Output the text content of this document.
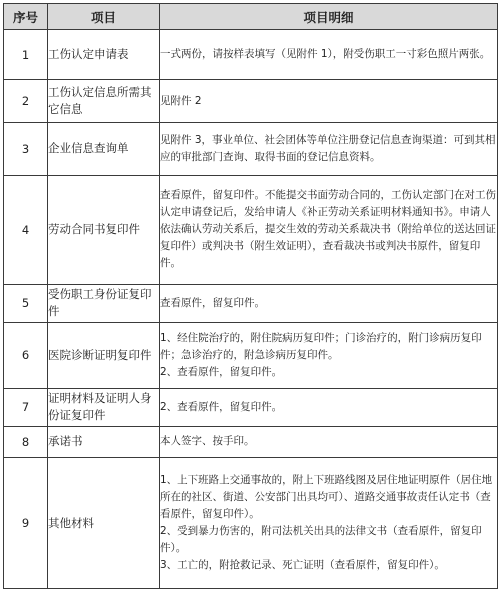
序号	项目	项目明细
1	工伤认定申请表	一式两份，请按样表填写（见附件 1），附受伤职工一寸彩色照片两张。

2	工伤认定信息所需其它信息	见附件 2

3	企业信息查询单	见附件 3，事业单位、社会团体等单位注册登记信息查询渠道：可到其相应的审批部门查询、取得书面的登记信息资料。

4	劳动合同书复印件	查看原件，留复印件。不能提交书面劳动合同的，工伤认定部门在对工伤认定申请登记后，发给申请人《补正劳动关系证明材料通知书》。申请人依法确认劳动关系后，提交生效的劳动关系裁决书（附给单位的送达回证复印件）或判决书（附生效证明），查看裁决书或判决书原件，留复印件。

5	受伤职工身份证复印件	查看原件，留复印件。

6	医院诊断证明复印件	1、经住院治疗的，附住院病历复印件；门诊治疗的，附门诊病历复印件；急诊治疗的，附急诊病历复印件。

2、查看原件，留复印件。

7	证明材料及证明人身份证复印件	2、查看原件，留复印件。

8	承诺书	本人签字、按手印。

9	其他材料	1、上下班路上交通事故的，附上下班路线图及居住地证明原件（居住地所在的社区、街道、公安部门出具均可）、道路交通事故责任认定书（查看原件，留复印件）。

2、受到暴力伤害的，附司法机关出具的法律文书（查看原件，留复印件）。

3、工亡的，附抢救记录、死亡证明（查看原件，留复印件）。
